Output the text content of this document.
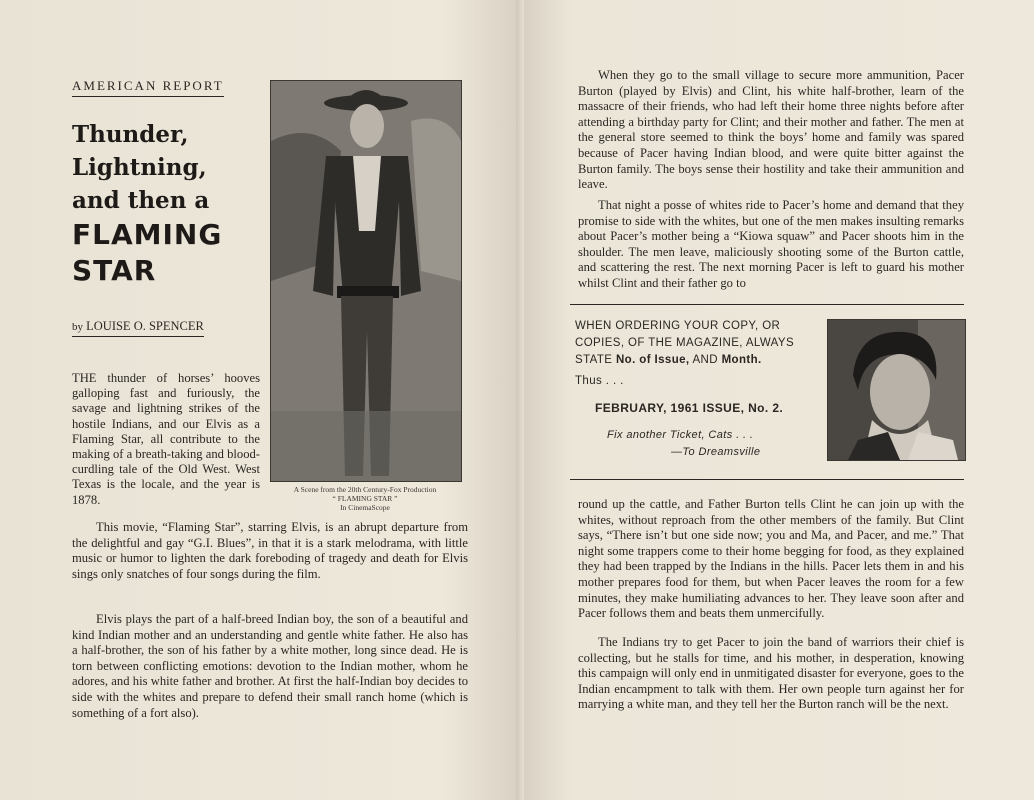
AMERICAN REPORT
Thunder,
Lightning,
and then a
FLAMING
STAR
by LOUISE O. SPENCER
A Scene from the 20th Century-Fox Production
“ FLAMING STAR ”
In CinemaScope
THE thunder of horses’ hooves galloping fast and furiously, the savage and lightning strikes of the hostile Indians, and our Elvis as a Flaming Star, all contribute to the making of a breath-taking and blood-curdling tale of the Old West. West Texas is the locale, and the year is 1878.
This movie, “Flaming Star”, starring Elvis, is an abrupt departure from the delightful and gay “G.I. Blues”, in that it is a stark melodrama, with little music or humor to lighten the dark foreboding of tragedy and death for Elvis sings only snatches of four songs during the film.
Elvis plays the part of a half-breed Indian boy, the son of a beautiful and kind Indian mother and an understanding and gentle white father. He also has a half-brother, the son of his father by a white mother, long since dead. He is torn between conflicting emotions: devotion to the Indian mother, whom he adores, and his white father and brother. At first the half-Indian boy decides to side with the whites and prepare to defend their small ranch home (which is something of a fort also).
When they go to the small village to secure more ammunition, Pacer Burton (played by Elvis) and Clint, his white half-brother, learn of the massacre of their friends, who had left their home three nights before after attending a birthday party for Clint; and their mother and father. The men at the general store seemed to think the boys’ home and family was spared because of Pacer having Indian blood, and were quite bitter against the Burton family. The boys sense their hostility and take their ammunition and leave.
That night a posse of whites ride to Pacer’s home and demand that they promise to side with the whites, but one of the men makes insulting remarks about Pacer’s mother being a “Kiowa squaw” and Pacer shoots him in the shoulder. The men leave, maliciously shooting some of the Burton cattle, and scattering the rest. The next morning Pacer is left to guard his mother whilst Clint and their father go to
WHEN ORDERING YOUR COPY, OR
COPIES, OF THE MAGAZINE, ALWAYS
STATE No. of Issue, AND Month.
Thus . . .
FEBRUARY, 1961 ISSUE, No. 2.
Fix another Ticket, Cats . . .
—To Dreamsville
round up the cattle, and Father Burton tells Clint he can join up with the whites, without reproach from the other members of the family. But Clint says, “There isn’t but one side now; you and Ma, and Pacer, and me.” That night some trappers come to their home begging for food, as they explained they had been trapped by the Indians in the hills. Pacer lets them in and his mother prepares food for them, but when Pacer leaves the room for a few minutes, they make humiliating advances to her. They leave soon after and Pacer follows them and beats them unmercifully.
The Indians try to get Pacer to join the band of warriors their chief is collecting, but he stalls for time, and his mother, in desperation, knowing this campaign will only end in unmitigated disaster for everyone, goes to the Indian encampment to talk with them. Her own people turn against her for marrying a white man, and they tell her the Burton ranch will be the next.
